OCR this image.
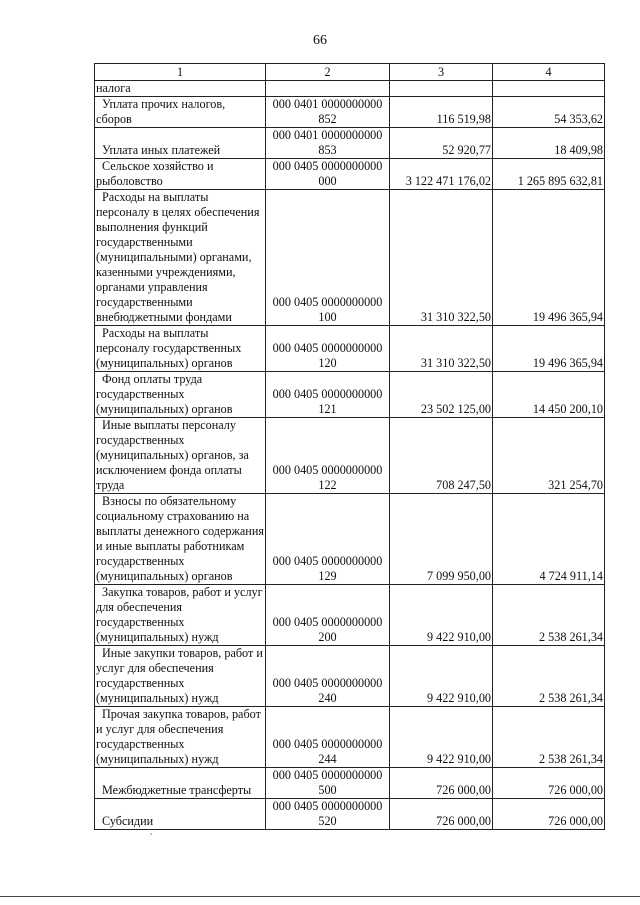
66
1	2	3	4
налога			
Уплата прочих налогов, сборов	000 0401 0000000000 852	116 519,98	54 353,62
Уплата иных платежей	000 0401 0000000000 853	52 920,77	18 409,98
Сельское хозяйство и рыболовство	000 0405 0000000000 000	3 122 471 176,02	1 265 895 632,81
Расходы на выплаты персоналу в целях обеспечения выполнения функций государственными (муниципальными) органами, казенными учреждениями, органами управления государственными внебюджетными фондами	000 0405 0000000000 100	31 310 322,50	19 496 365,94
Расходы на выплаты персоналу государственных (муниципальных) органов	000 0405 0000000000 120	31 310 322,50	19 496 365,94
Фонд оплаты труда государственных (муниципальных) органов	000 0405 0000000000 121	23 502 125,00	14 450 200,10
Иные выплаты персоналу государственных (муниципальных) органов, за исключением фонда оплаты труда	000 0405 0000000000 122	708 247,50	321 254,70
Взносы по обязательному социальному страхованию на выплаты денежного содержания и иные выплаты работникам государственных (муниципальных) органов	000 0405 0000000000 129	7 099 950,00	4 724 911,14
Закупка товаров, работ и услуг для обеспечения государственных (муниципальных) нужд	000 0405 0000000000 200	9 422 910,00	2 538 261,34
Иные закупки товаров, работ и услуг для обеспечения государственных (муниципальных) нужд	000 0405 0000000000 240	9 422 910,00	2 538 261,34
Прочая закупка товаров, работ и услуг для обеспечения государственных (муниципальных) нужд	000 0405 0000000000 244	9 422 910,00	2 538 261,34
Межбюджетные трансферты	000 0405 0000000000 500	726 000,00	726 000,00
Субсидии	000 0405 0000000000 520	726 000,00	726 000,00
,
